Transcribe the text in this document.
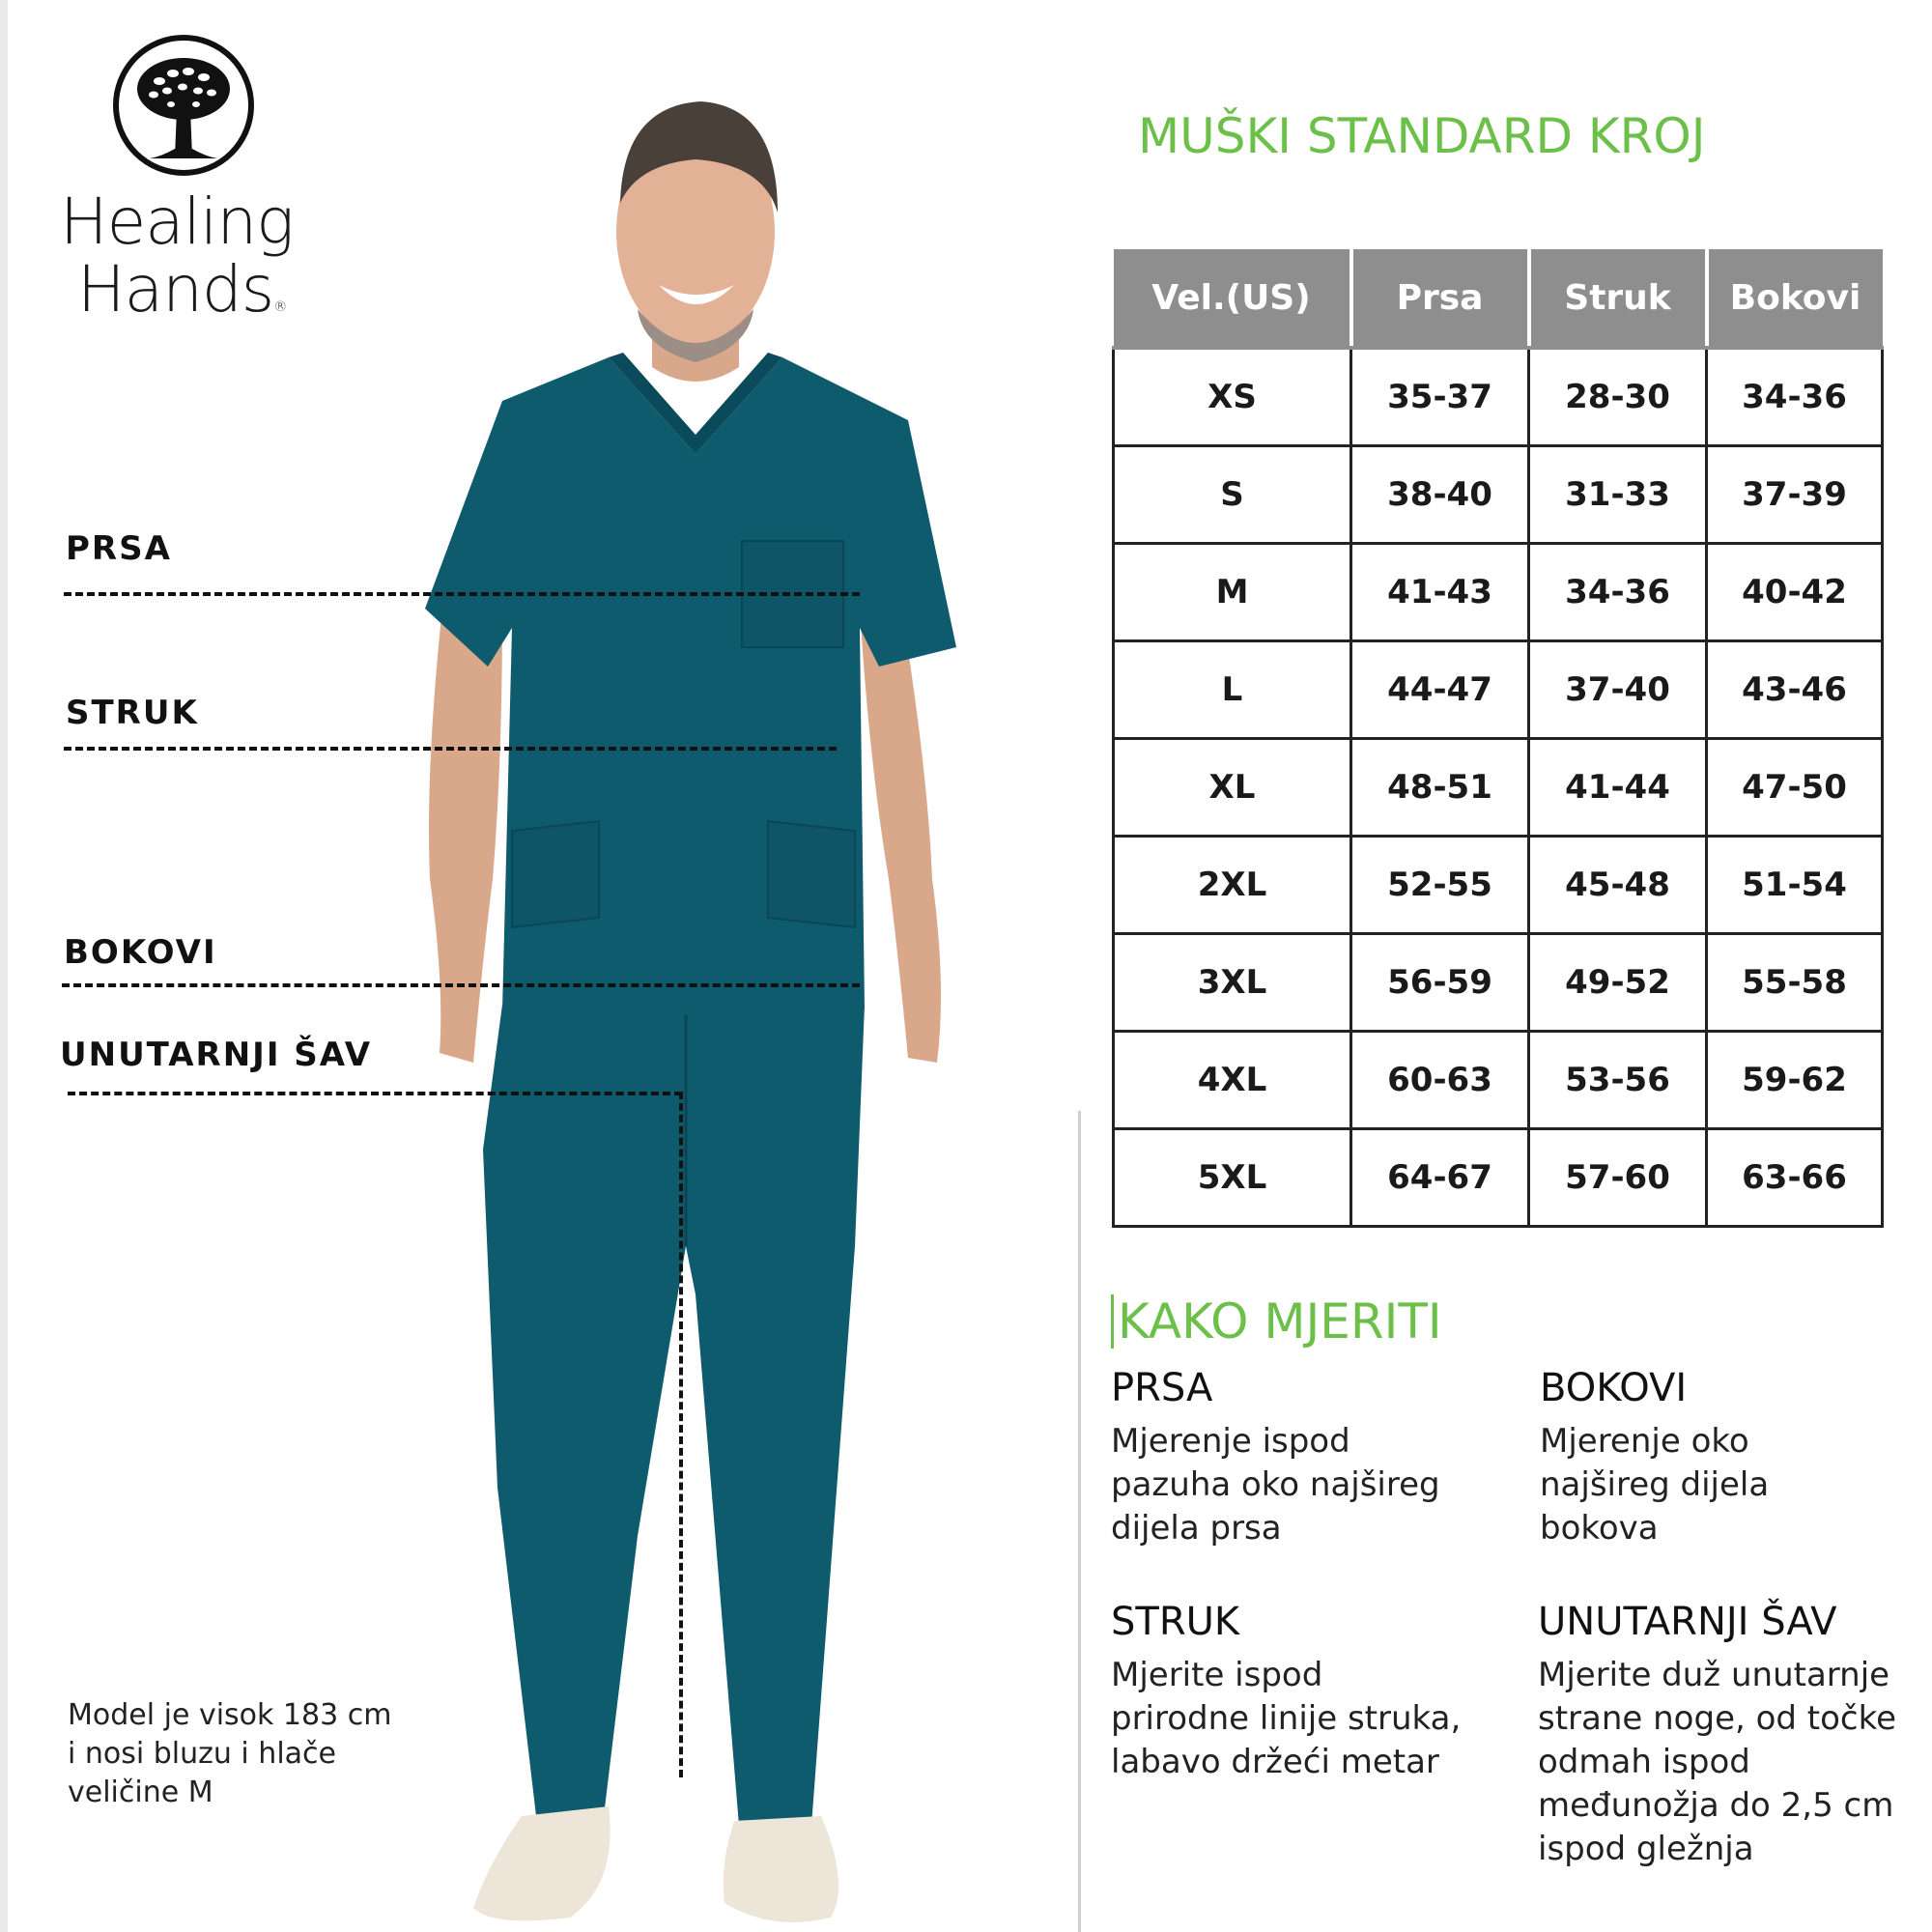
Healing
Hands®
PRSA
STRUK
BOKOVI
UNUTARNJI ŠAV
Model je visok 183 cm
i nosi bluzu i hlače
veličine M
MUŠKI STANDARD KROJ
Vel.(US)	Prsa	Struk	Bokovi
XS	35-37	28-30	34-36
S	38-40	31-33	37-39
M	41-43	34-36	40-42
L	44-47	37-40	43-46
XL	48-51	41-44	47-50
2XL	52-55	45-48	51-54
3XL	56-59	49-52	55-58
4XL	60-63	53-56	59-62
5XL	64-67	57-60	63-66
KAKO MJERITI
PRSA

Mjerenje ispod
pazuha oko najšireg
dijela prsa

BOKOVI

Mjerenje oko
najšireg dijela
bokova

STRUK

Mjerite ispod
prirodne linije struka,
labavo držeći metar

UNUTARNJI ŠAV

Mjerite duž unutarnje
strane noge, od točke
odmah ispod
međunožja do 2,5 cm
ispod gležnja
